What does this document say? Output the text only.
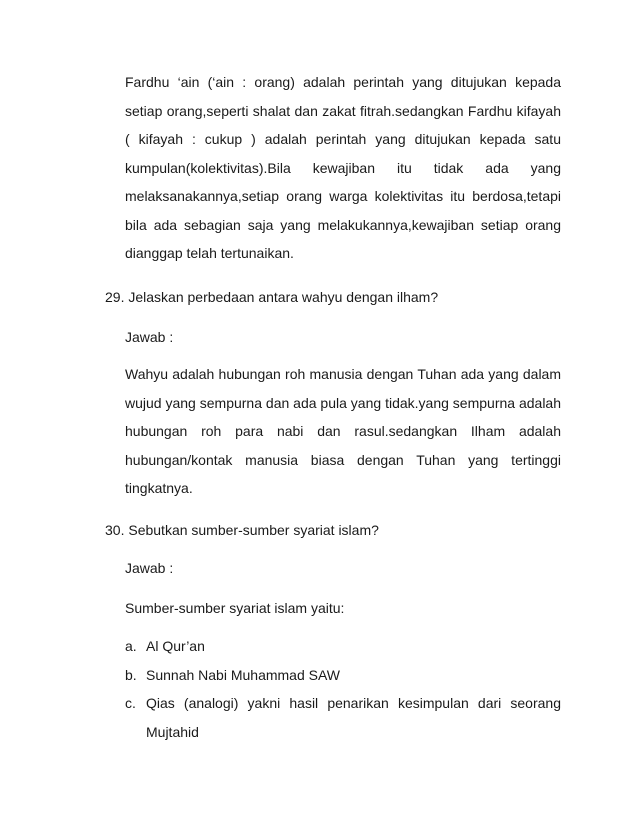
Fardhu ‘ain (‘ain : orang) adalah perintah yang ditujukan kepada setiap orang,seperti shalat dan zakat fitrah.sedangkan Fardhu kifayah ( kifayah : cukup ) adalah perintah yang ditujukan kepada satu kumpulan(kolektivitas).Bila kewajiban itu tidak ada yang melaksanakannya,setiap orang warga kolektivitas itu berdosa,tetapi bila ada sebagian saja yang melakukannya,kewajiban setiap orang dianggap telah tertunaikan.

29. Jelaskan perbedaan antara wahyu dengan ilham?

Jawab :

Wahyu adalah hubungan roh manusia dengan Tuhan ada yang dalam wujud yang sempurna dan ada pula yang tidak.yang sempurna adalah hubungan roh para nabi dan rasul.sedangkan Ilham adalah hubungan/kontak manusia biasa dengan Tuhan yang tertinggi tingkatnya.

30. Sebutkan sumber-sumber syariat islam?

Jawab :

Sumber-sumber syariat islam yaitu:

a. Al Qur’an
b. Sunnah Nabi Muhammad SAW
c. Qias (analogi) yakni hasil penarikan kesimpulan dari seorang Mujtahid
